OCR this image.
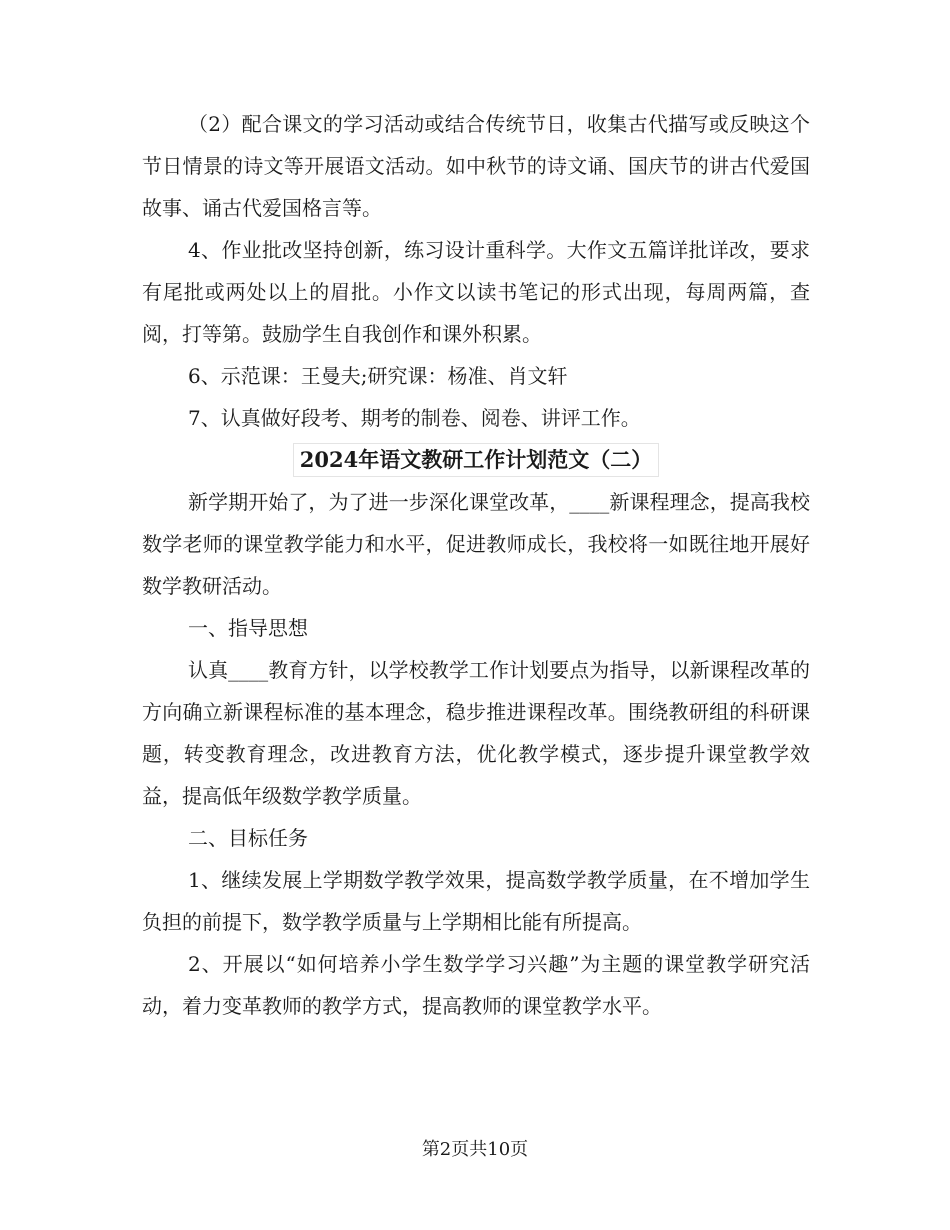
（2）配合课文的学习活动或结合传统节日，收集古代描写或反映这个节日情景的诗文等开展语文活动。如中秋节的诗文诵、国庆节的讲古代爱国故事、诵古代爱国格言等。

4、作业批改坚持创新，练习设计重科学。大作文五篇详批详改，要求有尾批或两处以上的眉批。小作文以读书笔记的形式出现，每周两篇，查阅，打等第。鼓励学生自我创作和课外积累。

6、示范课：王曼夫;研究课：杨准、肖文轩

7、认真做好段考、期考的制卷、阅卷、讲评工作。

2024年语文教研工作计划范文（二）

新学期开始了，为了进一步深化课堂改革，____新课程理念，提高我校数学老师的课堂教学能力和水平，促进教师成长，我校将一如既往地开展好数学教研活动。

一、指导思想

认真____教育方针，以学校教学工作计划要点为指导，以新课程改革的方向确立新课程标准的基本理念，稳步推进课程改革。围绕教研组的科研课题，转变教育理念，改进教育方法，优化教学模式，逐步提升课堂教学效益，提高低年级数学教学质量。

二、目标任务

1、继续发展上学期数学教学效果，提高数学教学质量，在不增加学生负担的前提下，数学教学质量与上学期相比能有所提高。

2、开展以“如何培养小学生数学学习兴趣”为主题的课堂教学研究活动，着力变革教师的教学方式，提高教师的课堂教学水平。

第2页共10页
